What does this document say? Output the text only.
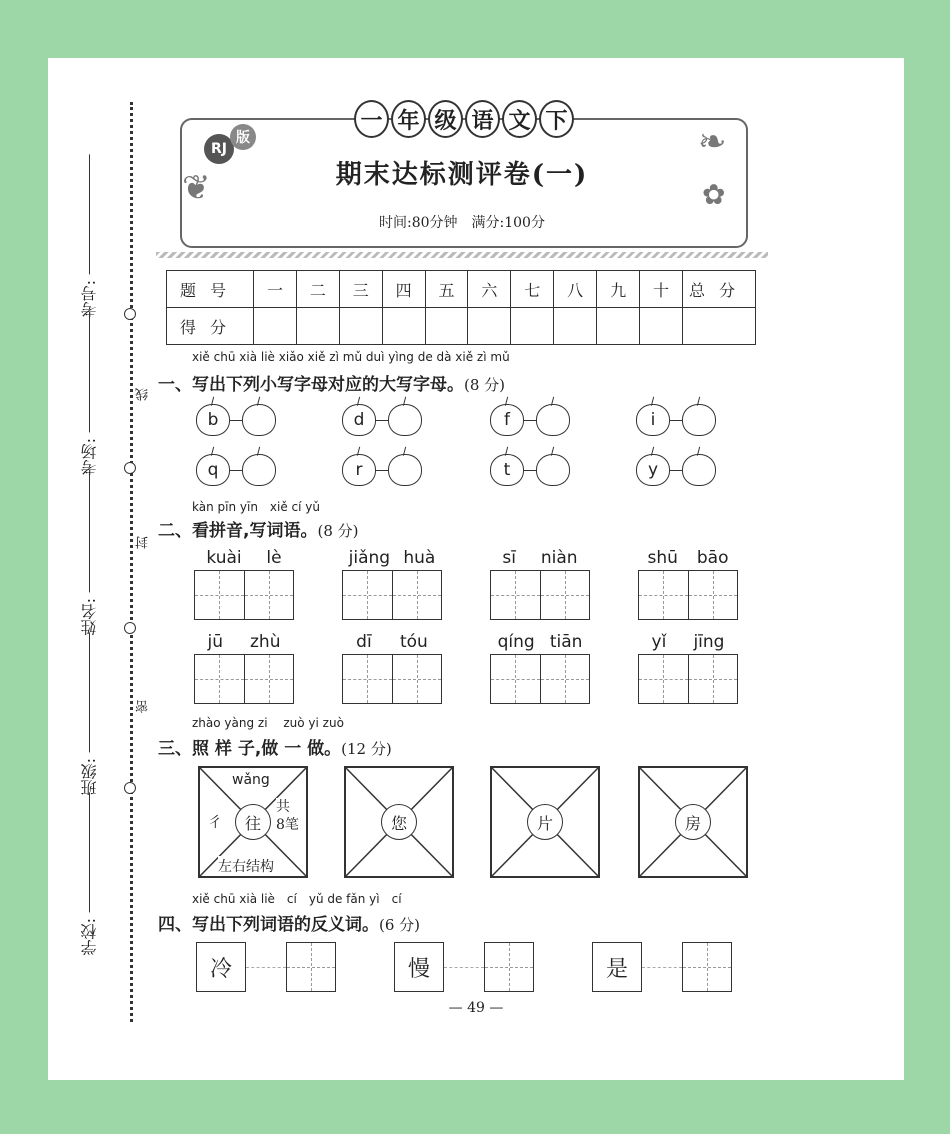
线
封
密
考号:
考场:
姓名:
班级:
学校:
❦
❧
✿
一 年 级 语 文 下
RJ
版
期末达标测评卷(一)
时间:80分钟　满分:100分
题号	一	二	三	四	五	六	七	八	九	十	总分
得分											
xiě chū xià liè xiǎo xiě zì mǔ duì yìng de dà xiě zì mǔ
一、写出下列小写字母对应的大写字母。(8 分)
b	d	f	i
q	r	t	y
kàn pīn yīn　xiě cí yǔ
二、看拼音,写词语。(8 分)
kuài lè	jiǎng huà	sī niàn	shū bāo
jū zhù	dī tóu	qíng tiān	yǐ jīng
zhào yàng zi　 zuò yi zuò
三、照 样 子,做 一 做。(12 分)
往
wǎng
彳
共
8笔
左右结构
您	片	房
xiě chū xià liè　cí　yǔ de fǎn yì　cí
四、写出下列词语的反义词。(6 分)
冷	慢	是
— 49 —
